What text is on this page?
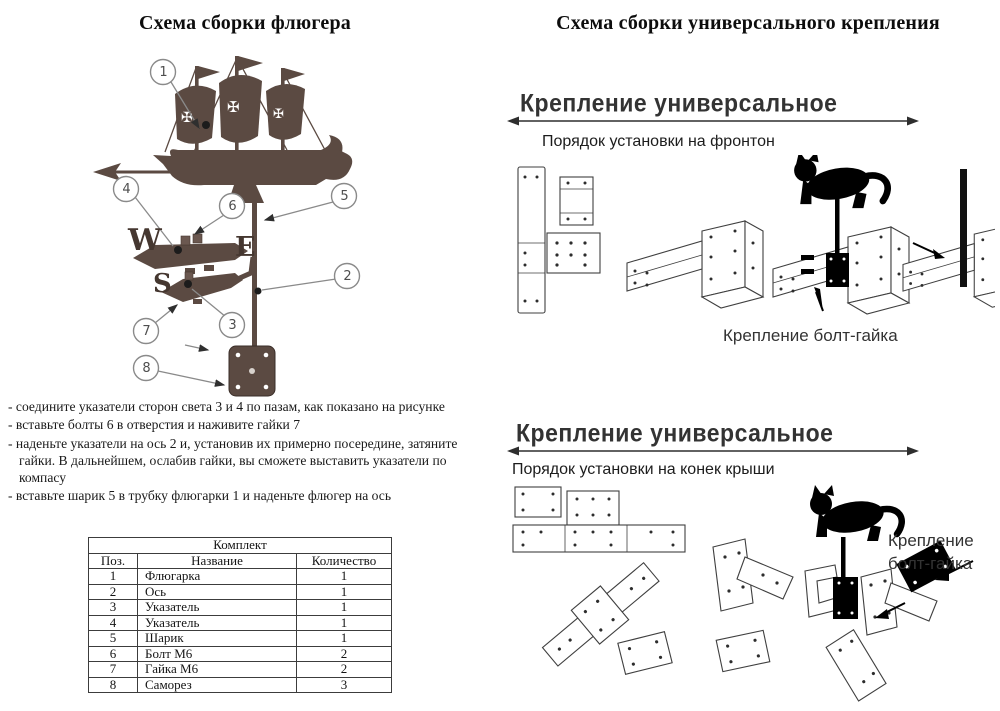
Схема сборки флюгера	Схема сборки универсального крепления
✠
✠	✠
1
4
6
5
2
7	3
8
W	E
S
- соедините указатели сторон света 3 и 4 по пазам, как показано на рисунке
- вставьте болты 6 в отверстия и наживите гайки 7
- наденьте указатели на ось 2 и, установив их примерно посередине, затяните гайки. В дальнейшем, ослабив гайки, вы сможете выставить указатели по компасу
- вставьте шарик 5 в трубку флюгарки 1 и наденьте флюгер на ось
Комплект		
Поз.	Название	Количество
1	Флюгарка	1
2	Ось	1
3	Указатель	1
4	Указатель	1
5	Шарик	1
6	Болт М6	2
7	Гайка М6	2
8	Саморез	3
Крепление универсальное
Порядок установки на фронтон
Крепление болт-гайка
Крепление универсальное
Порядок установки на конек крыши
Крепление болт-гайка
